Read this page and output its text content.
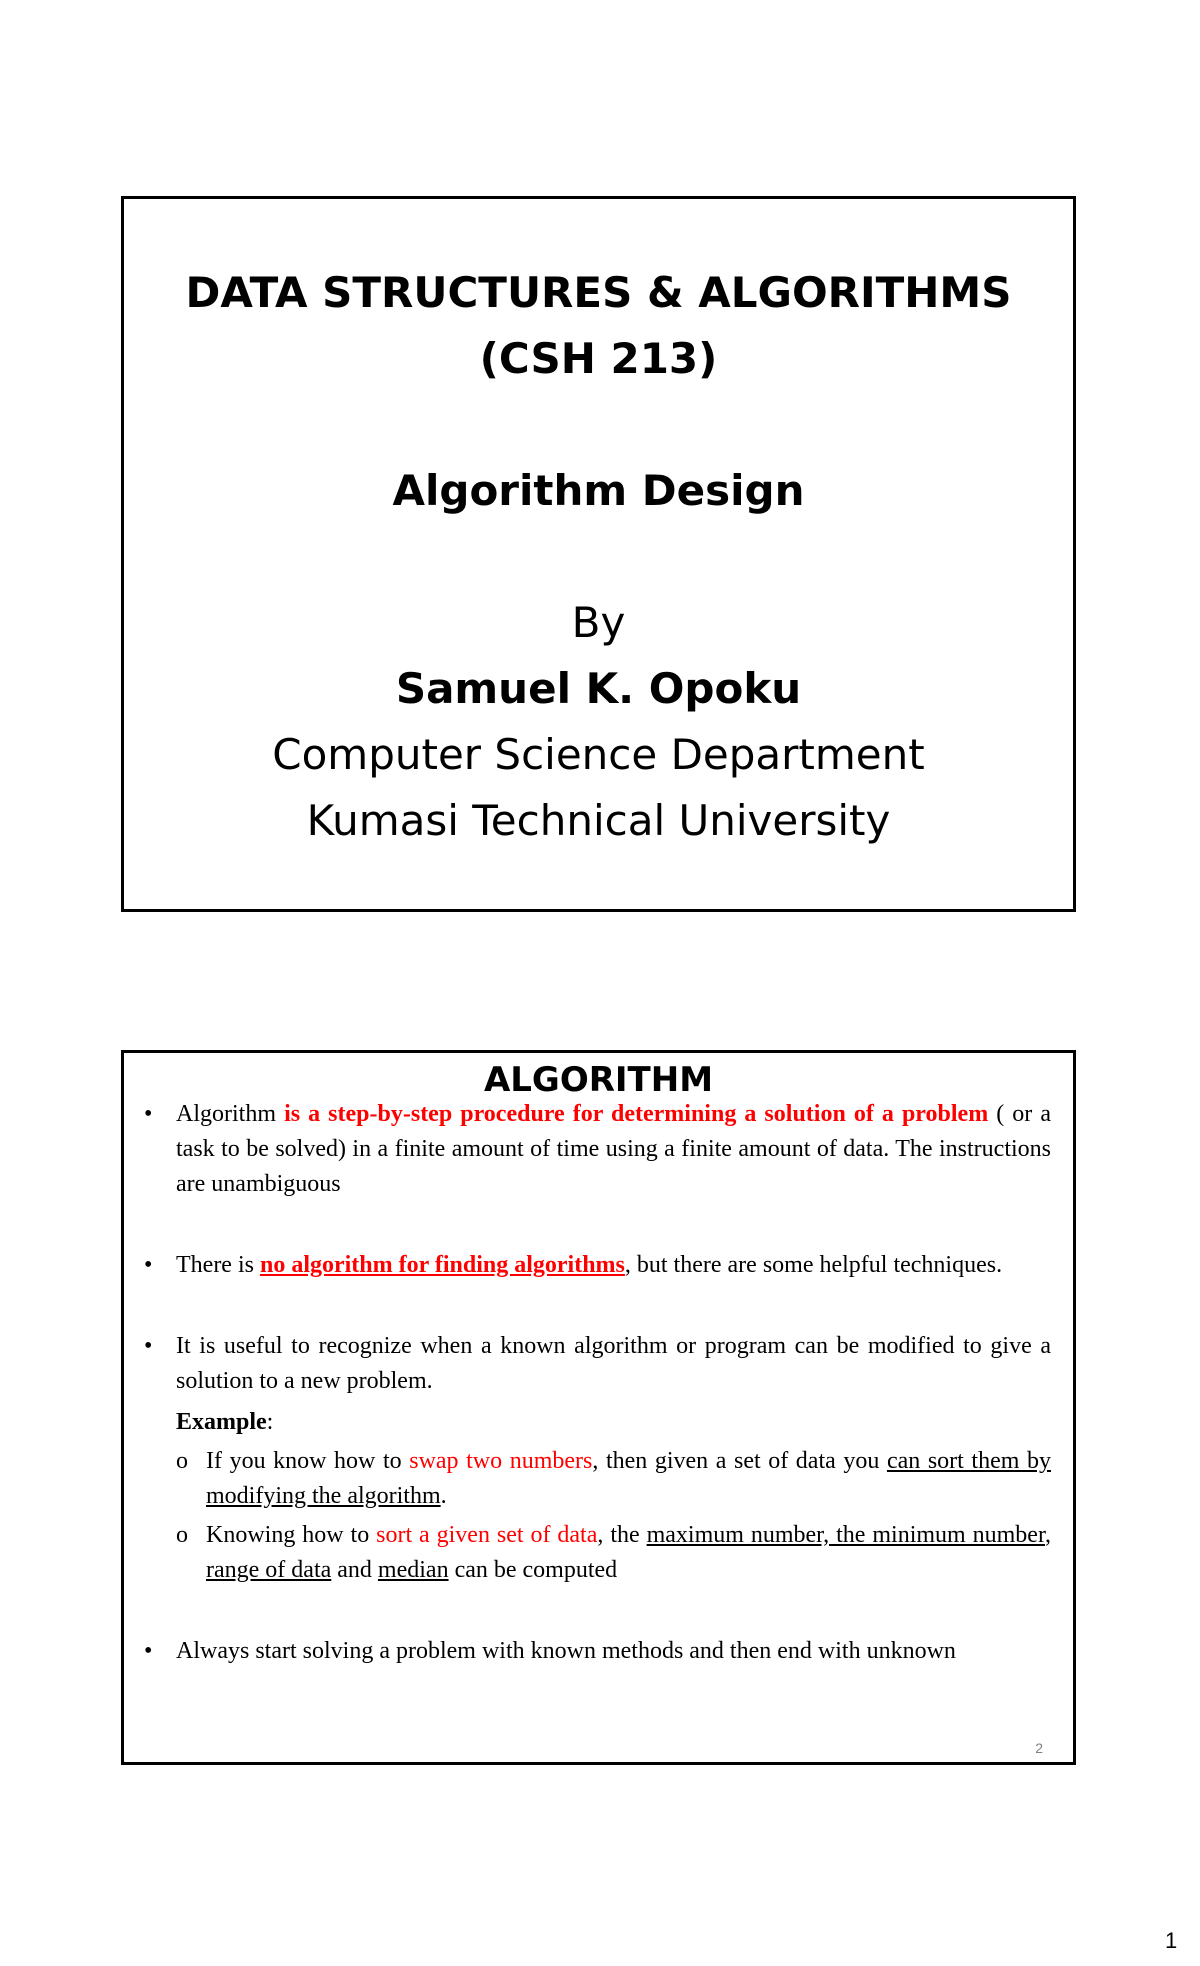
DATA STRUCTURES & ALGORITHMS
(CSH 213)
Algorithm Design
By
Samuel K. Opoku
Computer Science Department
Kumasi Technical University
ALGORITHM
• Algorithm is a step-by-step procedure for determining a solution of a problem ( or a task to be solved) in a finite amount of time using a finite amount of data. The instructions are unambiguous
• There is no algorithm for finding algorithms, but there are some helpful techniques.
• It is useful to recognize when a known algorithm or program can be modified to give a solution to a new problem.
Example:
o If you know how to swap two numbers, then given a set of data you can sort them by modifying the algorithm.
o Knowing how to sort a given set of data, the maximum number, the minimum number, range of data and median can be computed
• Always start solving a problem with known methods and then end with unknown
2
1
